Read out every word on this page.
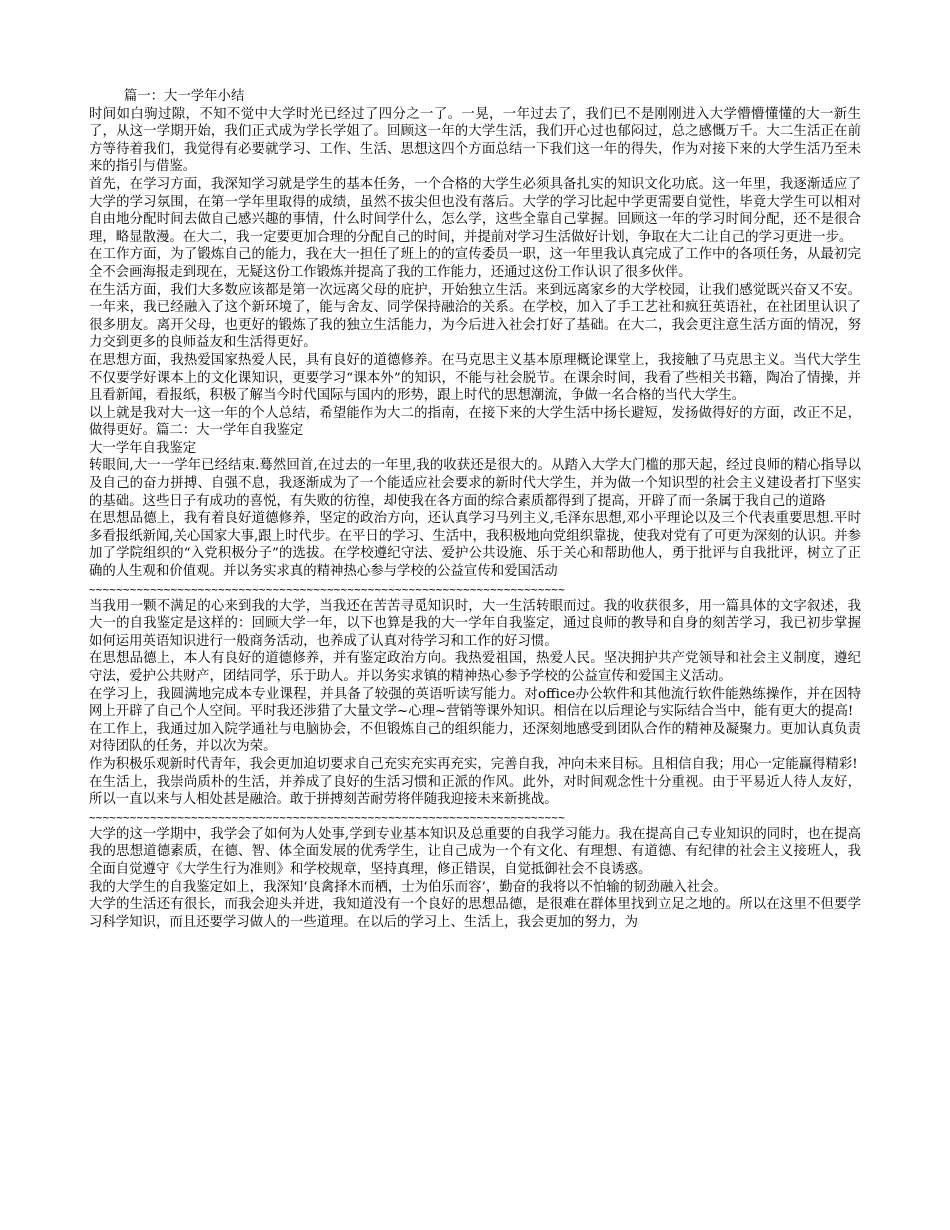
篇一：大一学年小结

时间如白驹过隙，不知不觉中大学时光已经过了四分之一了。一晃，一年过去了，我们已不是刚刚进入大学懵懵懂懂的大一新生了，从这一学期开始，我们正式成为学长学姐了。回顾这一年的大学生活，我们开心过也郁闷过，总之感慨万千。大二生活正在前方等待着我们，我觉得有必要就学习、工作、生活、思想这四个方面总结一下我们这一年的得失，作为对接下来的大学生活乃至未来的指引与借鉴。

首先，在学习方面，我深知学习就是学生的基本任务，一个合格的大学生必须具备扎实的知识文化功底。这一年里，我逐渐适应了大学的学习氛围，在第一学年里取得的成绩，虽然不拔尖但也没有落后。大学的学习比起中学更需要自觉性，毕竟大学生可以相对自由地分配时间去做自己感兴趣的事情，什么时间学什么，怎么学，这些全靠自己掌握。回顾这一年的学习时间分配，还不是很合理，略显散漫。在大二，我一定要更加合理的分配自己的时间，并提前对学习生活做好计划，争取在大二让自己的学习更进一步。

在工作方面，为了锻炼自己的能力，我在大一担任了班上的的宣传委员一职，这一年里我认真完成了工作中的各项任务，从最初完全不会画海报走到现在，无疑这份工作锻炼并提高了我的工作能力，还通过这份工作认识了很多伙伴。

在生活方面，我们大多数应该都是第一次远离父母的庇护，开始独立生活。来到远离家乡的大学校园，让我们感觉既兴奋又不安。一年来，我已经融入了这个新环境了，能与舍友、同学保持融洽的关系。在学校，加入了手工艺社和疯狂英语社，在社团里认识了很多朋友。离开父母，也更好的锻炼了我的独立生活能力，为今后进入社会打好了基础。在大二，我会更注意生活方面的情况，努力交到更多的良师益友和生活得更好。

在思想方面，我热爱国家热爱人民，具有良好的道德修养。在马克思主义基本原理概论课堂上，我接触了马克思主义。当代大学生不仅要学好课本上的文化课知识，更要学习“课本外”的知识，不能与社会脱节。在课余时间，我看了些相关书籍，陶冶了情操，并且看新闻，看报纸，积极了解当今时代国际与国内的形势，跟上时代的思想潮流，争做一名合格的当代大学生。

以上就是我对大一这一年的个人总结，希望能作为大二的指南，在接下来的大学生活中扬长避短，发扬做得好的方面，改正不足，做得更好。篇二：大一学年自我鉴定

大一学年自我鉴定

转眼间,大一一学年已经结束.蓦然回首,在过去的一年里,我的收获还是很大的。从踏入大学大门槛的那天起，经过良师的精心指导以及自己的奋力拼搏、自强不息，我逐渐成为了一个能适应社会要求的新时代大学生，并为做一个知识型的社会主义建设者打下坚实的基础。这些日子有成功的喜悦，有失败的彷徨，却使我在各方面的综合素质都得到了提高，开辟了而一条属于我自己的道路

在思想品德上，我有着良好道德修养，坚定的政治方向，还认真学习马列主义,毛泽东思想,邓小平理论以及三个代表重要思想.平时多看报纸新闻,关心国家大事,跟上时代步。在平日的学习、生活中，我积极地向党组织靠拢，使我对党有了可更为深刻的认识。并参加了学院组织的“入党积极分子”的选拔。在学校遵纪守法、爱护公共设施、乐于关心和帮助他人，勇于批评与自我批评，树立了正确的人生观和价值观。并以务实求真的精神热心参与学校的公益宣传和爱国活动

~~~~~~~~~~~~~~~~~~~~~~~~~~~~~~~~~~~~~~~~~~~~~~~~~~~~~~~~~~~~~~~~~~~~~~

当我用一颗不满足的心来到我的大学，当我还在苦苦寻觅知识时，大一生活转眼而过。我的收获很多，用一篇具体的文字叙述，我大一的自我鉴定是这样的：回顾大学一年，以下也算是我的大一学年自我鉴定，通过良师的教导和自身的刻苦学习，我已初步掌握如何运用英语知识进行一般商务活动，也养成了认真对待学习和工作的好习惯。

在思想品德上，本人有良好的道德修养，并有鉴定政治方向。我热爱祖国，热爱人民。坚决拥护共产党领导和社会主义制度，遵纪守法，爱护公共财产，团结同学，乐于助人。并以务实求镇的精神热心参予学校的公益宣传和爱国主义活动。

在学习上，我圆满地完成本专业课程，并具备了较强的英语听读写能力。对office办公软件和其他流行软件能熟练操作，并在因特网上开辟了自己个人空间。平时我还涉猎了大量文学~心理~营销等课外知识。相信在以后理论与实际结合当中，能有更大的提高!

在工作上，我通过加入院学通社与电脑协会，不但锻炼自己的组织能力，还深刻地感受到团队合作的精神及凝聚力。更加认真负责对待团队的任务，并以次为荣。

作为积极乐观新时代青年，我会更加迫切要求自己充实充实再充实，完善自我，冲向未来目标。且相信自我；用心一定能赢得精彩!

在生活上，我崇尚质朴的生活，并养成了良好的生活习惯和正派的作风。此外，对时间观念性十分重视。由于平易近人待人友好，所以一直以来与人相处甚是融洽。敢于拼搏刻苦耐劳将伴随我迎接未来新挑战。

~~~~~~~~~~~~~~~~~~~~~~~~~~~~~~~~~~~~~~~~~~~~~~~~~~~~~~~~~~~~~~~~~~~~~~

大学的这一学期中，我学会了如何为人处事,学到专业基本知识及总重要的自我学习能力。我在提高自己专业知识的同时，也在提高我的思想道德素质，在德、智、体全面发展的优秀学生，让自己成为一个有文化、有理想、有道德、有纪律的社会主义接班人，我全面自觉遵守《大学生行为准则》和学校规章，坚持真理，修正错误，自觉抵御社会不良诱惑。

我的大学生的自我鉴定如上，我深知‘良禽择木而栖，士为伯乐而容’，勤奋的我将以不怕输的韧劲融入社会。

大学的生活还有很长，而我会迎头并进，我知道没有一个良好的思想品德，是很难在群体里找到立足之地的。所以在这里不但要学习科学知识，而且还要学习做人的一些道理。在以后的学习上、生活上，我会更加的努力，为
